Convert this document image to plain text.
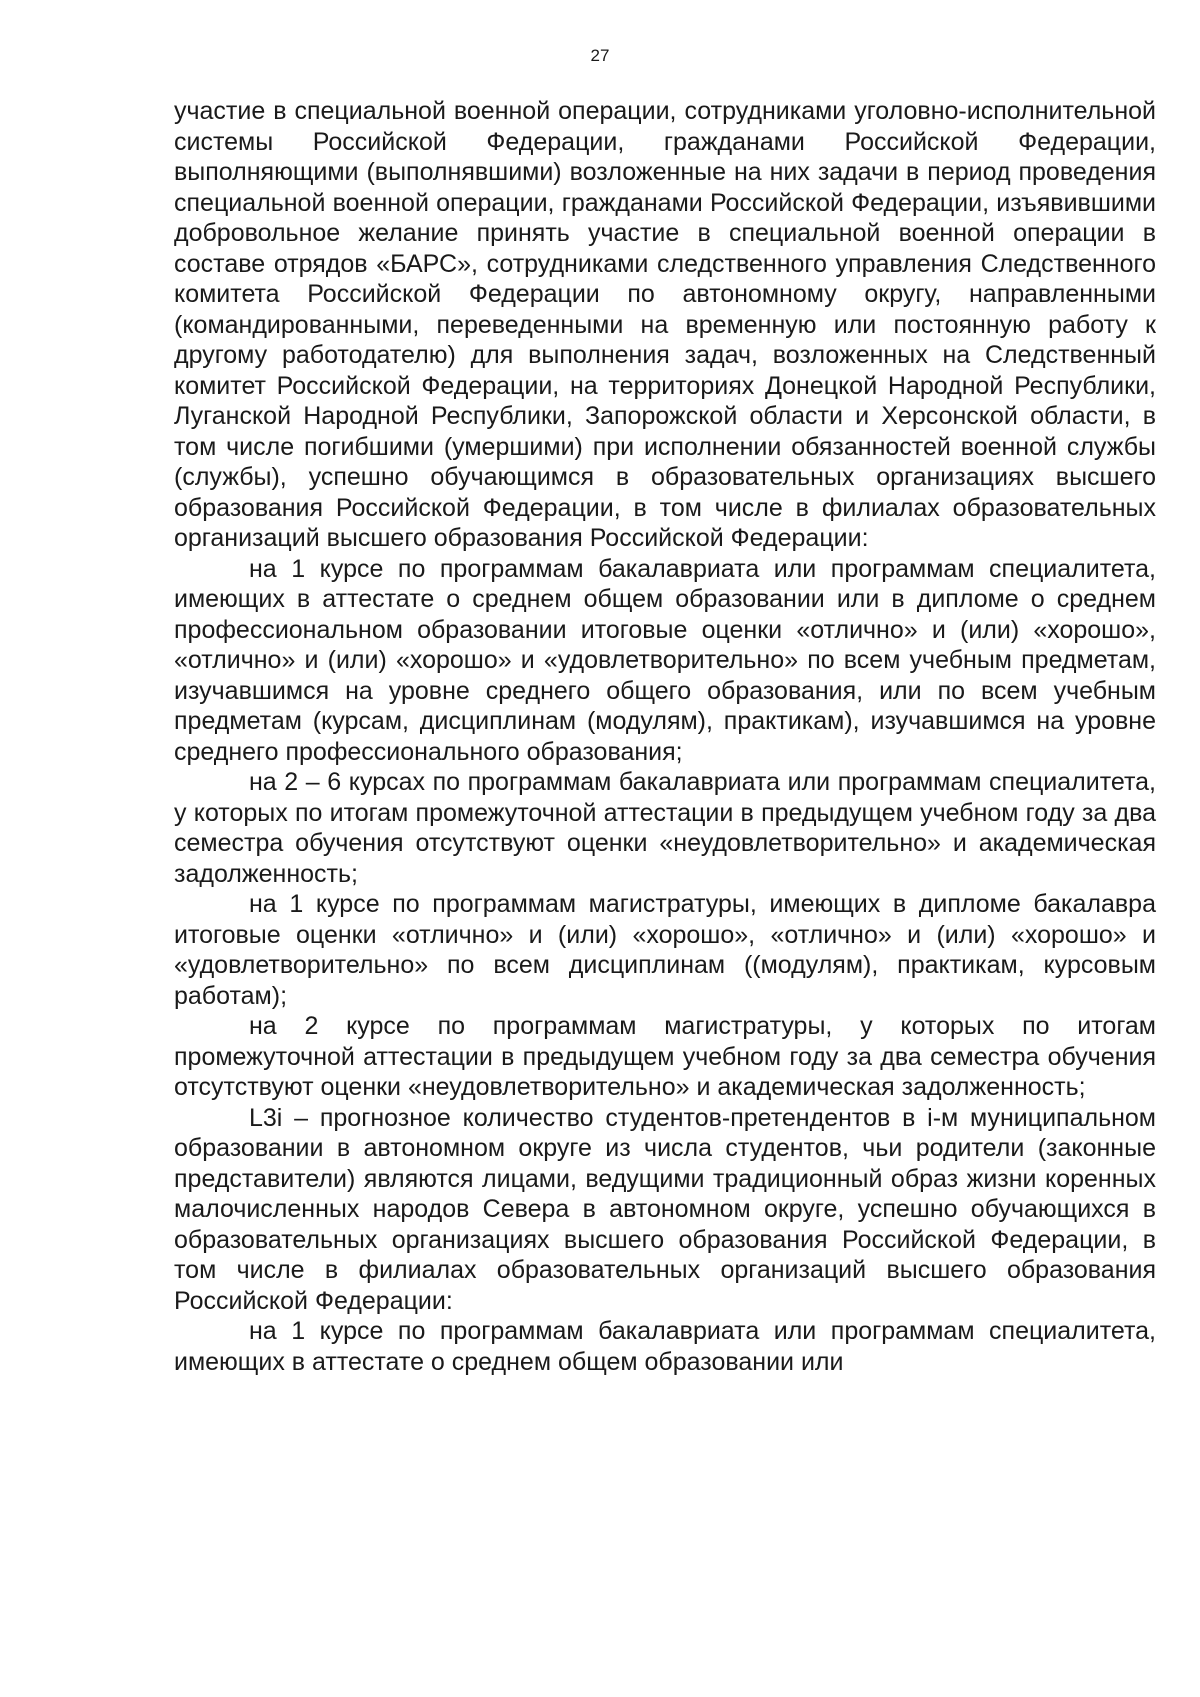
27

участие в специальной военной операции, сотрудниками уголовно-исполнительной системы Российской Федерации, гражданами Российской Федерации, выполняющими (выполнявшими) возложенные на них задачи в период проведения специальной военной операции, гражданами Российской Федерации, изъявившими добровольное желание принять участие в специальной военной операции в составе отрядов «БАРС», сотрудниками следственного управления Следственного комитета Российской Федерации по автономному округу, направленными (командированными, переведенными на временную или постоянную работу к другому работодателю) для выполнения задач, возложенных на Следственный комитет Российской Федерации, на территориях Донецкой Народной Республики, Луганской Народной Республики, Запорожской области и Херсонской области, в том числе погибшими (умершими) при исполнении обязанностей военной службы (службы), успешно обучающимся в образовательных организациях высшего образования Российской Федерации, в том числе в филиалах образовательных организаций высшего образования Российской Федерации:

на 1 курсе по программам бакалавриата или программам специалитета, имеющих в аттестате о среднем общем образовании или в дипломе о среднем профессиональном образовании итоговые оценки «отлично» и (или) «хорошо», «отлично» и (или) «хорошо» и «удовлетворительно» по всем учебным предметам, изучавшимся на уровне среднего общего образования, или по всем учебным предметам (курсам, дисциплинам (модулям), практикам), изучавшимся на уровне среднего профессионального образования;

на 2 – 6 курсах по программам бакалавриата или программам специалитета, у которых по итогам промежуточной аттестации в предыдущем учебном году за два семестра обучения отсутствуют оценки «неудовлетворительно» и академическая задолженность;

на 1 курсе по программам магистратуры, имеющих в дипломе бакалавра итоговые оценки «отлично» и (или) «хорошо», «отлично» и (или) «хорошо» и «удовлетворительно» по всем дисциплинам ((модулям), практикам, курсовым работам);

на 2 курсе по программам магистратуры, у которых по итогам промежуточной аттестации в предыдущем учебном году за два семестра обучения отсутствуют оценки «неудовлетворительно» и академическая задолженность;

L3i – прогнозное количество студентов-претендентов в i-м муниципальном образовании в автономном округе из числа студентов, чьи родители (законные представители) являются лицами, ведущими традиционный образ жизни коренных малочисленных народов Севера в автономном округе, успешно обучающихся в образовательных организациях высшего образования Российской Федерации, в том числе в филиалах образовательных организаций высшего образования Российской Федерации:

на 1 курсе по программам бакалавриата или программам специалитета, имеющих в аттестате о среднем общем образовании или
